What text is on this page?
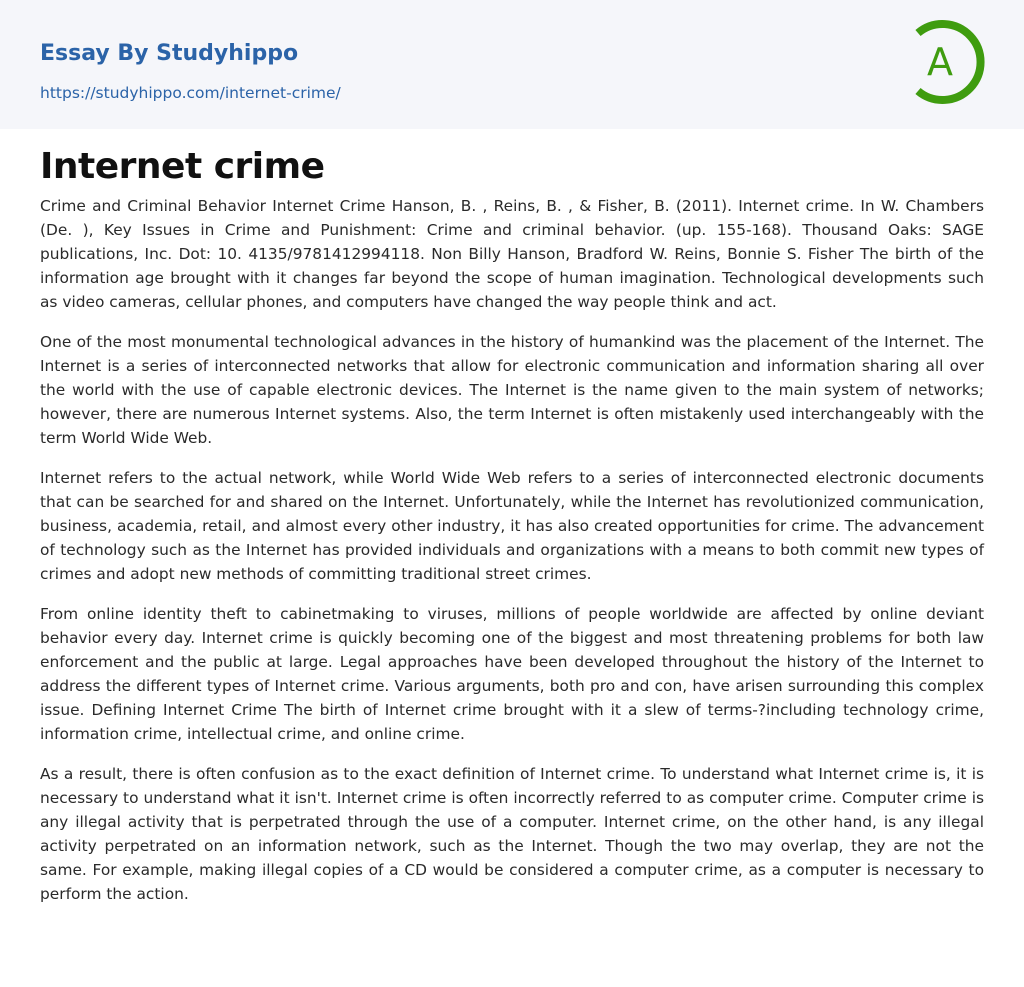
Essay By Studyhippo
https://studyhippo.com/internet-crime/
A
Internet crime

Crime and Criminal Behavior Internet Crime Hanson, B. , Reins, B. , & Fisher, B. (2011). Internet crime. In W. Chambers (De. ), Key Issues in Crime and Punishment: Crime and criminal behavior. (up. 155-168). Thousand Oaks: SAGE publications, Inc. Dot: 10. 4135/9781412994118. Non Billy Hanson, Bradford W. Reins, Bonnie S. Fisher The birth of the information age brought with it changes far beyond the scope of human imagination. Technological developments such as video cameras, cellular phones, and computers have changed the way people think and act.

One of the most monumental technological advances in the history of humankind was the placement of the Internet. The Internet is a series of interconnected networks that allow for electronic communication and information sharing all over the world with the use of capable electronic devices. The Internet is the name given to the main system of networks; however, there are numerous Internet systems. Also, the term Internet is often mistakenly used interchangeably with the term World Wide Web.

Internet refers to the actual network, while World Wide Web refers to a series of interconnected electronic documents that can be searched for and shared on the Internet. Unfortunately, while the Internet has revolutionized communication, business, academia, retail, and almost every other industry, it has also created opportunities for crime. The advancement of technology such as the Internet has provided individuals and organizations with a means to both commit new types of crimes and adopt new methods of committing traditional street crimes.

From online identity theft to cabinetmaking to viruses, millions of people worldwide are affected by online deviant behavior every day. Internet crime is quickly becoming one of the biggest and most threatening problems for both law enforcement and the public at large. Legal approaches have been developed throughout the history of the Internet to address the different types of Internet crime. Various arguments, both pro and con, have arisen surrounding this complex issue. Defining Internet Crime The birth of Internet crime brought with it a slew of terms-?including technology crime, information crime, intellectual crime, and online crime.

As a result, there is often confusion as to the exact definition of Internet crime. To understand what Internet crime is, it is necessary to understand what it isn't. Internet crime is often incorrectly referred to as computer crime. Computer crime is any illegal activity that is perpetrated through the use of a computer. Internet crime, on the other hand, is any illegal activity perpetrated on an information network, such as the Internet. Though the two may overlap, they are not the same. For example, making illegal copies of a CD would be considered a computer crime, as a computer is necessary to perform the action.
